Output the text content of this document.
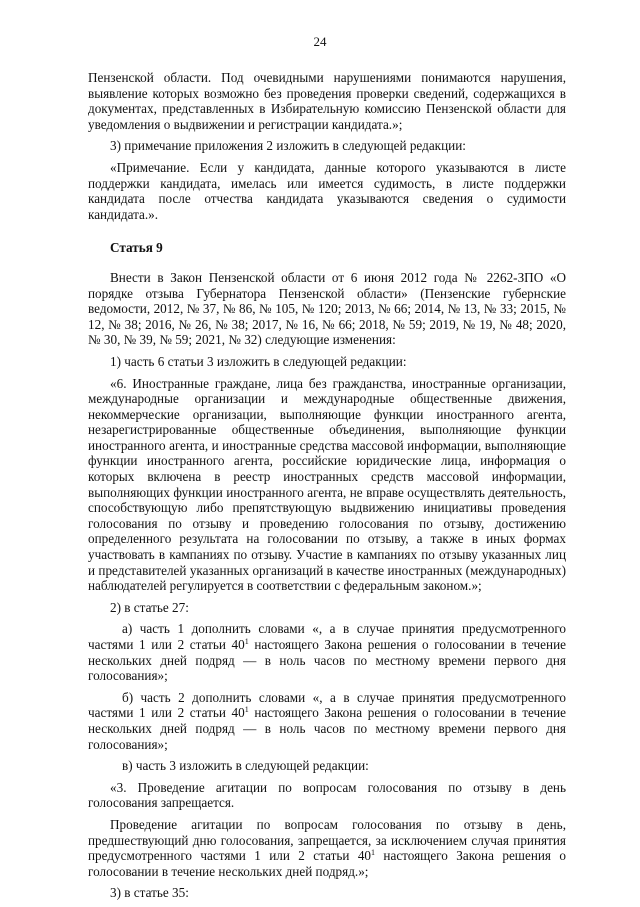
24

Пензенской области. Под очевидными нарушениями понимаются нарушения, выявление которых возможно без проведения проверки сведений, содержащихся в документах, представленных в Избирательную комиссию Пензенской области для уведомления о выдвижении и регистрации кандидата.»;

3) примечание приложения 2 изложить в следующей редакции:

«Примечание. Если у кандидата, данные которого указываются в листе поддержки кандидата, имелась или имеется судимость, в листе поддержки кандидата после отчества кандидата указываются сведения о судимости кандидата.».

Статья 9

Внести в Закон Пензенской области от 6 июня 2012 года № 2262-ЗПО «О порядке отзыва Губернатора Пензенской области» (Пензенские губернские ведомости, 2012, № 37, № 86, № 105, № 120; 2013, № 66; 2014, № 13, № 33; 2015, № 12, № 38; 2016, № 26, № 38; 2017, № 16, № 66; 2018, № 59; 2019, № 19, № 48; 2020, № 30, № 39, № 59; 2021, № 32) следующие изменения:

1) часть 6 статьи 3 изложить в следующей редакции:

«6. Иностранные граждане, лица без гражданства, иностранные организации, международные организации и международные общественные движения, некоммерческие организации, выполняющие функции иностранного агента, незарегистрированные общественные объединения, выполняющие функции иностранного агента, и иностранные средства массовой информации, выполняющие функции иностранного агента, российские юридические лица, информация о которых включена в реестр иностранных средств массовой информации, выполняющих функции иностранного агента, не вправе осуществлять деятельность, способствующую либо препятствующую выдвижению инициативы проведения голосования по отзыву и проведению голосования по отзыву, достижению определенного результата на голосовании по отзыву, а также в иных формах участвовать в кампаниях по отзыву. Участие в кампаниях по отзыву указанных лиц и представителей указанных организаций в качестве иностранных (международных) наблюдателей регулируется в соответствии с федеральным законом.»;

2) в статье 27:

а) часть 1 дополнить словами «, а в случае принятия предусмотренного частями 1 или 2 статьи $40^1$ настоящего Закона решения о голосовании в течение нескольких дней подряд — в ноль часов по местному времени первого дня голосования»;

б) часть 2 дополнить словами «, а в случае принятия предусмотренного частями 1 или 2 статьи $40^1$ настоящего Закона решения о голосовании в течение нескольких дней подряд — в ноль часов по местному времени первого дня голосования»;

в) часть 3 изложить в следующей редакции:

«3. Проведение агитации по вопросам голосования по отзыву в день голосования запрещается.

Проведение агитации по вопросам голосования по отзыву в день, предшествующий дню голосования, запрещается, за исключением случая принятия предусмотренного частями 1 или 2 статьи $40^1$ настоящего Закона решения о голосовании в течение нескольких дней подряд.»;

3) в статье 35:
